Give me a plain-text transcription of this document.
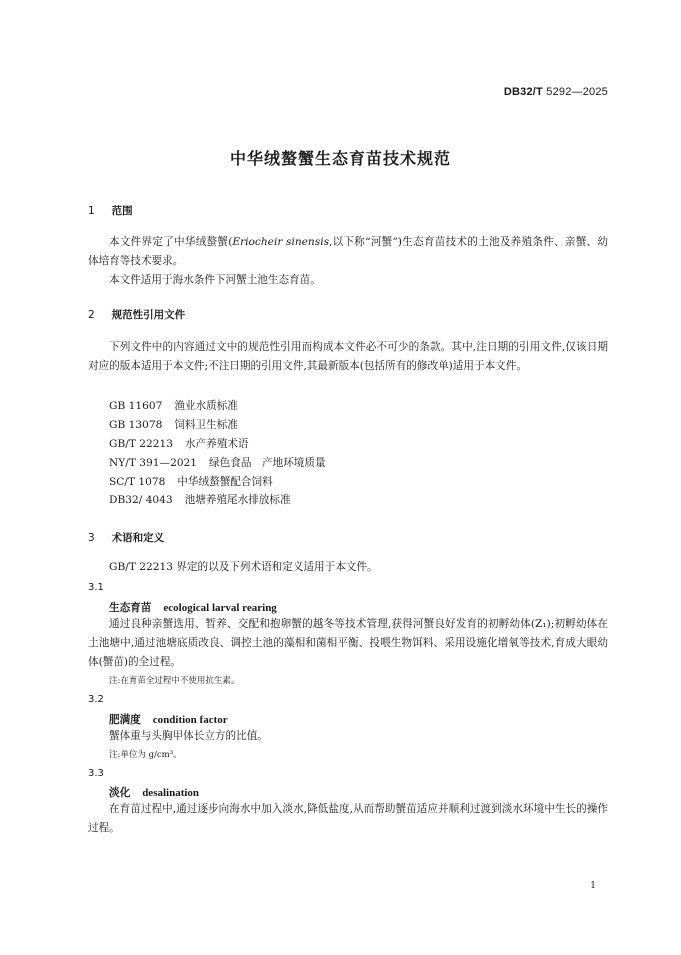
DB32/T 5292—2025
中华绒螯蟹生态育苗技术规范
1 范围
本文件界定了中华绒螯蟹(Eriocheir sinensis,以下称“河蟹”)生态育苗技术的土池及养殖条件、亲蟹、幼体培育等技术要求。
本文件适用于海水条件下河蟹土池生态育苗。
2 规范性引用文件
下列文件中的内容通过文中的规范性引用而构成本文件必不可少的条款。其中,注日期的引用文件,仅该日期对应的版本适用于本文件;不注日期的引用文件,其最新版本(包括所有的修改单)适用于本文件。
GB 11607 渔业水质标准
GB 13078 饲料卫生标准
GB/T 22213 水产养殖术语
NY/T 391—2021 绿色食品　产地环境质量
SC/T 1078 中华绒螯蟹配合饲料
DB32/ 4043 池塘养殖尾水排放标准
3 术语和定义
GB/T 22213 界定的以及下列术语和定义适用于本文件。
3.1
生态育苗 ecological larval rearing
通过良种亲蟹选用、暂养、交配和抱卵蟹的越冬等技术管理,获得河蟹良好发育的初孵幼体(Z₁);初孵幼体在土池塘中,通过池塘底质改良、调控土池的藻相和菌相平衡、投喂生物饵料、采用设施化增氧等技术,育成大眼幼体(蟹苗)的全过程。
注:在育苗全过程中不使用抗生素。
3.2
肥满度 condition factor
蟹体重与头胸甲体长立方的比值。
注:单位为 g/cm³。
3.3
淡化 desalination
在育苗过程中,通过逐步向海水中加入淡水,降低盐度,从而帮助蟹苗适应并顺利过渡到淡水环境中生长的操作过程。
1
